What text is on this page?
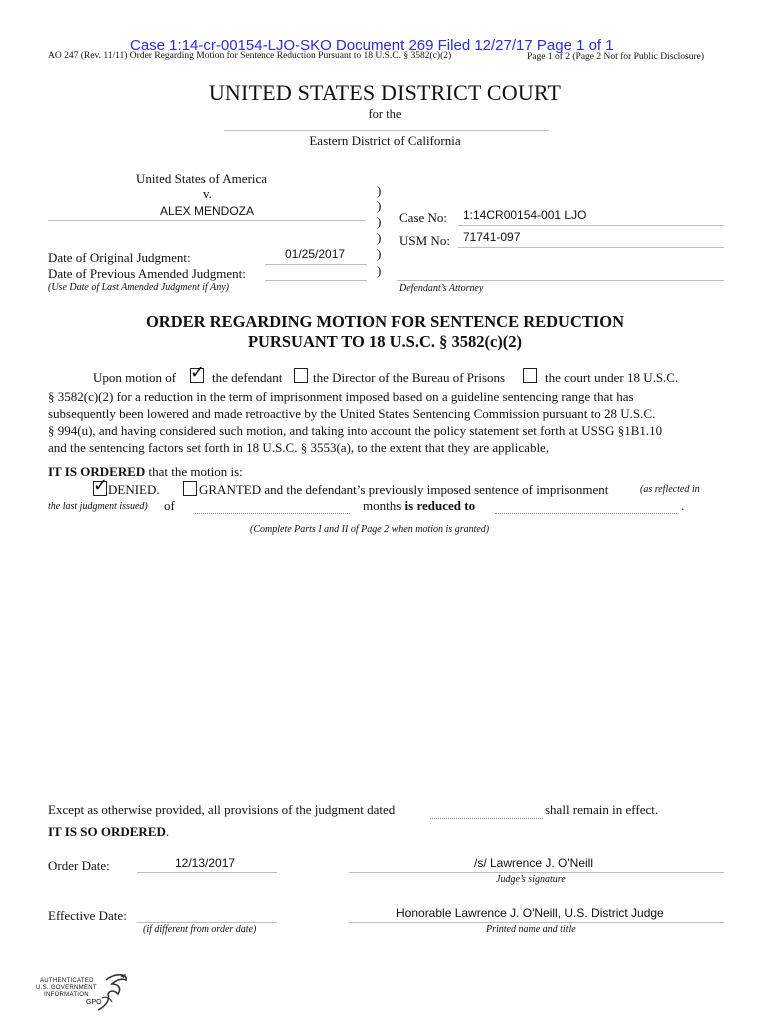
Case 1:14-cr-00154-LJO-SKO Document 269 Filed 12/27/17 Page 1 of 1
AO 247 (Rev. 11/11) Order Regarding Motion for Sentence Reduction Pursuant to 18 U.S.C. § 3582(c)(2)	Page 1 of 2 (Page 2 Not for Public Disclosure)
UNITED STATES DISTRICT COURT
for the
Eastern District of California
United States of America
v.
ALEX MENDOZA
)
)
)
)
)
)
Case No: 1:14CR00154-001 LJO
USM No: 71741-097
Date of Original Judgment:	01/25/2017
Date of Previous Amended Judgment:
(Use Date of Last Amended Judgment if Any)	Defendant’s Attorney
ORDER REGARDING MOTION FOR SENTENCE REDUCTION
PURSUANT TO 18 U.S.C. § 3582(c)(2)
Upon motion of ✓ the defendant the Director of the Bureau of Prisons	the court under 18 U.S.C.
§ 3582(c)(2) for a reduction in the term of imprisonment imposed based on a guideline sentencing range that has
subsequently been lowered and made retroactive by the United States Sentencing Commission pursuant to 28 U.S.C.
§ 994(u), and having considered such motion, and taking into account the policy statement set forth at USSG §1B1.10
and the sentencing factors set forth in 18 U.S.C. § 3553(a), to the extent that they are applicable,
IT IS ORDERED that the motion is:
✓ DENIED.	GRANTED and the defendant’s previously imposed sentence of imprisonment	(as reflected in
the last judgment issued) of	months is reduced to	.
(Complete Parts I and II of Page 2 when motion is granted)
Except as otherwise provided, all provisions of the judgment dated	shall remain in effect.
IT IS SO ORDERED.
Order Date:	12/13/2017	/s/ Lawrence J. O'Neill
Judge’s signature
Effective Date:
(if different from order date)
Honorable Lawrence J. O'Neill, U.S. District Judge
Printed name and title
AUTHENTICATED
U.S. GOVERNMENT
INFORMATION
GPO
